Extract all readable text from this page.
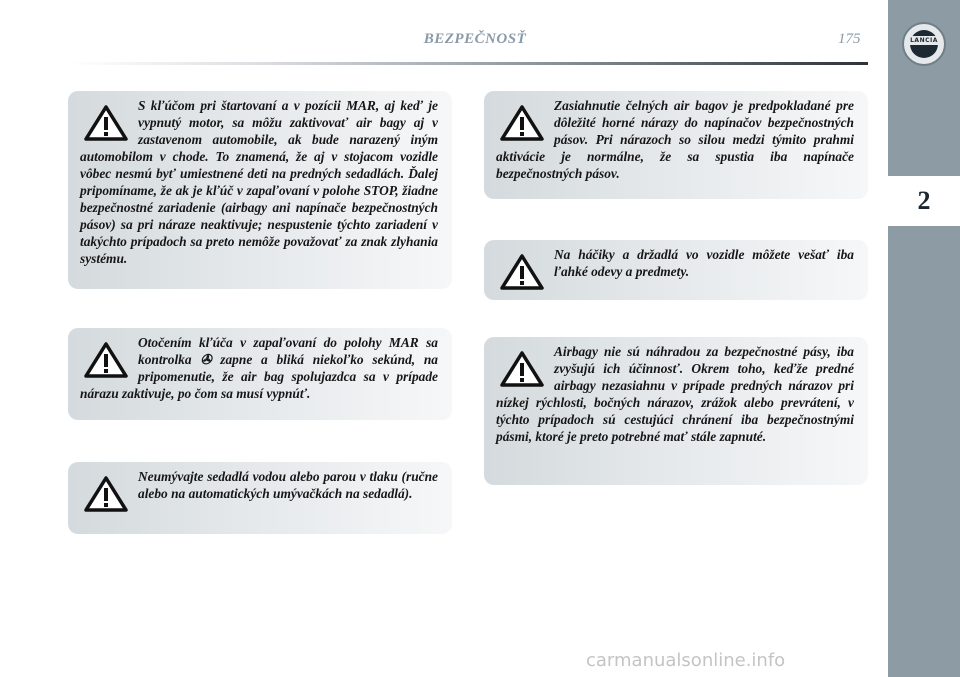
BEZPEČNOSŤ	175	LANCIA
2

S kľúčom pri štartovaní a v pozícii MAR, aj keď je vypnutý motor, sa môžu zaktivovať air bagy aj v zastavenom automobile, ak bude narazený iným automobilom v chode. To znamená, že aj v stojacom vozidle vôbec nesmú byť umiestnené deti na predných sedadlách. Ďalej pripomíname, že ak je kľúč v zapaľovaní v polohe STOP, žiadne bezpečnostné zariadenie (airbagy ani napínače bezpečnostných pásov) sa pri náraze neaktivuje; nespustenie týchto zariadení v takýchto prípadoch sa preto nemôže považovať za znak zlyhania systému.

Otočením kľúča v zapaľovaní do polohy MAR sa kontrolka ✇ zapne a bliká niekoľko sekúnd, na pripomenutie, že air bag spolujazdca sa v prípade nárazu zaktivuje, po čom sa musí vypnúť.

Neumývajte sedadlá vodou alebo parou v tlaku (ručne alebo na automatických umývačkách na sedadlá).

Zasiahnutie čelných air bagov je predpokladané pre dôležité horné nárazy do napínačov bezpečnostných pásov. Pri nárazoch so silou medzi týmito prahmi aktivácie je normálne, že sa spustia iba napínače bezpečnostných pásov.

Na háčiky a držadlá vo vozidle môžete vešať iba ľahké odevy a predmety.

Airbagy nie sú náhradou za bezpečnostné pásy, iba zvyšujú ich účinnosť. Okrem toho, keďže predné airbagy nezasiahnu v prípade predných nárazov pri nízkej rýchlosti, bočných nárazov, zrážok alebo prevrátení, v týchto prípadoch sú cestujúci chránení iba bezpečnostnými pásmi, ktoré je preto potrebné mať stále zapnuté.

carmanualsonline.info
